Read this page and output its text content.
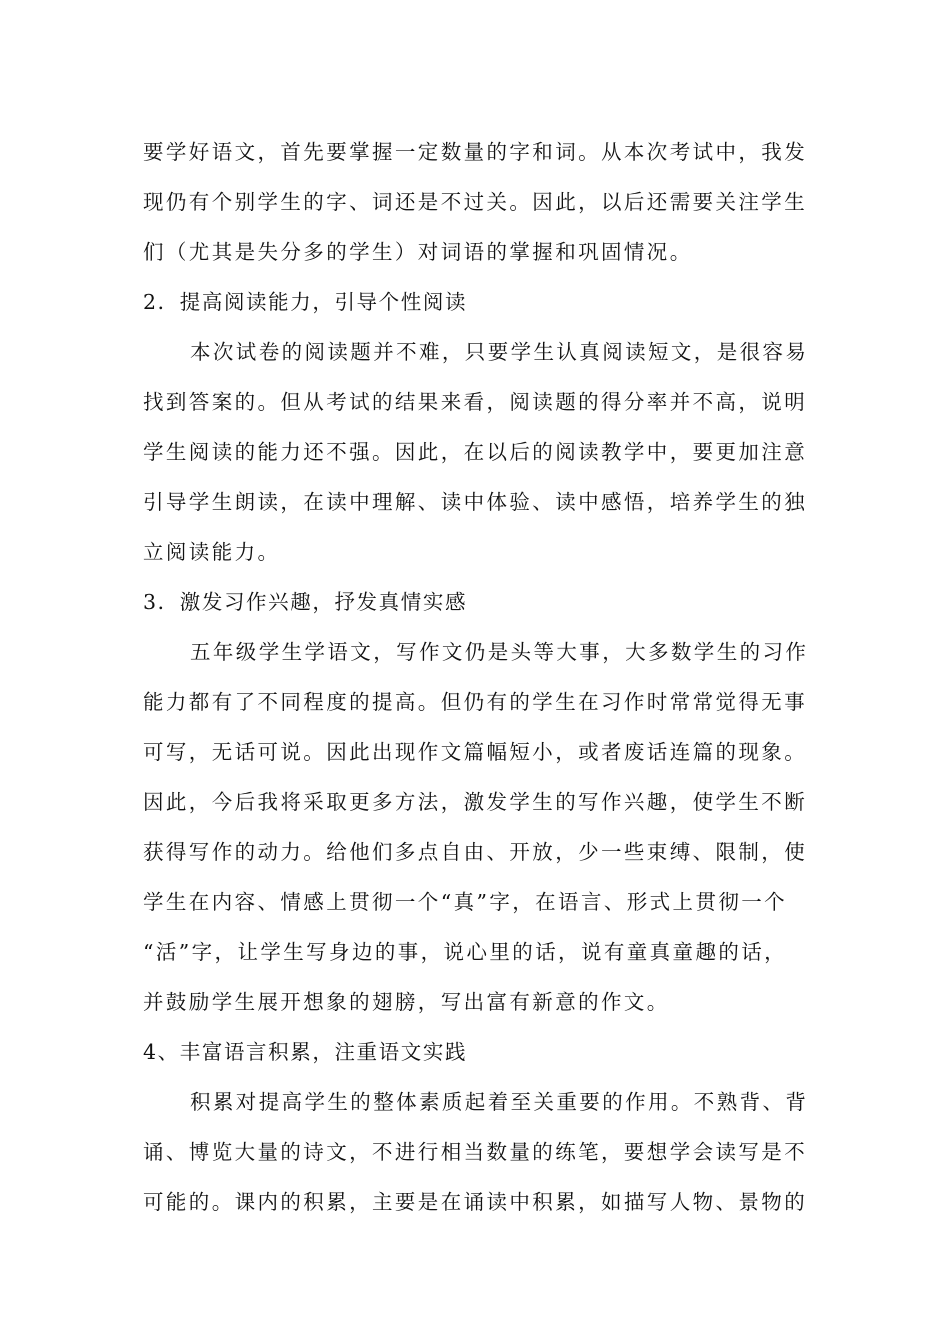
要学好语文，首先要掌握一定数量的字和词。从本次考试中，我发
现仍有个别学生的字、词还是不过关。因此，以后还需要关注学生
们（尤其是失分多的学生）对词语的掌握和巩固情况。
2．提高阅读能力，引导个性阅读
本次试卷的阅读题并不难，只要学生认真阅读短文，是很容易
找到答案的。但从考试的结果来看，阅读题的得分率并不高，说明
学生阅读的能力还不强。因此，在以后的阅读教学中，要更加注意
引导学生朗读，在读中理解、读中体验、读中感悟，培养学生的独
立阅读能力。
3．激发习作兴趣，抒发真情实感
五年级学生学语文，写作文仍是头等大事，大多数学生的习作
能力都有了不同程度的提高。但仍有的学生在习作时常常觉得无事
可写，无话可说。因此出现作文篇幅短小，或者废话连篇的现象。
因此，今后我将采取更多方法，激发学生的写作兴趣，使学生不断
获得写作的动力。给他们多点自由、开放，少一些束缚、限制，使
学生在内容、情感上贯彻一个“真”字，在语言、形式上贯彻一个
“活”字，让学生写身边的事，说心里的话，说有童真童趣的话，
并鼓励学生展开想象的翅膀，写出富有新意的作文。
4、丰富语言积累，注重语文实践
积累对提高学生的整体素质起着至关重要的作用。不熟背、背
诵、博览大量的诗文，不进行相当数量的练笔，要想学会读写是不
可能的。课内的积累，主要是在诵读中积累，如描写人物、景物的
